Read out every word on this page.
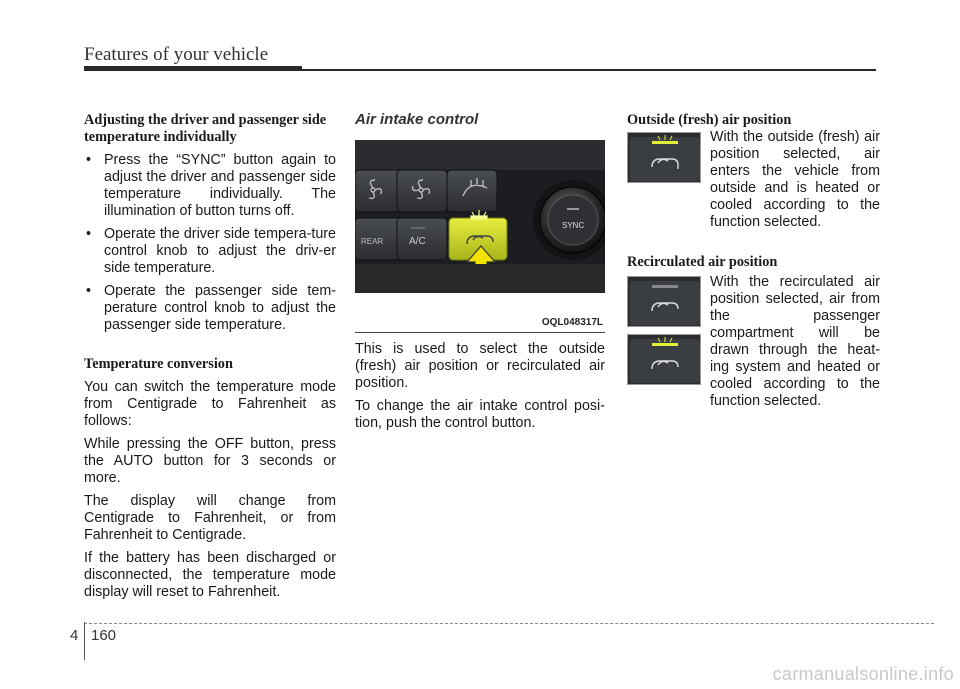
Features of your vehicle
Adjusting the driver and passenger side temperature individually
• Press the “SYNC” button again to adjust the driver and passenger side temperature individually. The illumination of button turns off.
• Operate the driver side tempera-ture control knob to adjust the driv-er side temperature.
• Operate the passenger side tem-perature control knob to adjust the passenger side temperature.
Temperature conversion

You can switch the temperature mode from Centigrade to Fahrenheit as follows:

While pressing the OFF button, press the AUTO button for 3 seconds or more.

The display will change from Centigrade to Fahrenheit, or from Fahrenheit to Centigrade.

If the battery has been discharged or disconnected, the temperature mode display will reset to Fahrenheit.

Air intake control
REAR	A/C
SYNC
OQL048317L

This is used to select the outside (fresh) air position or recirculated air position.

To change the air intake control posi-tion, push the control button.

Outside (fresh) air position

With the outside (fresh) air position selected, air enters the vehicle from outside and is heated or cooled according to the function selected.

Recirculated air position

With the recirculated air position selected, air from the passenger compartment will be drawn through the heat-ing system and heated or cooled according to the function selected.

4 160
carmanualsonline.info
